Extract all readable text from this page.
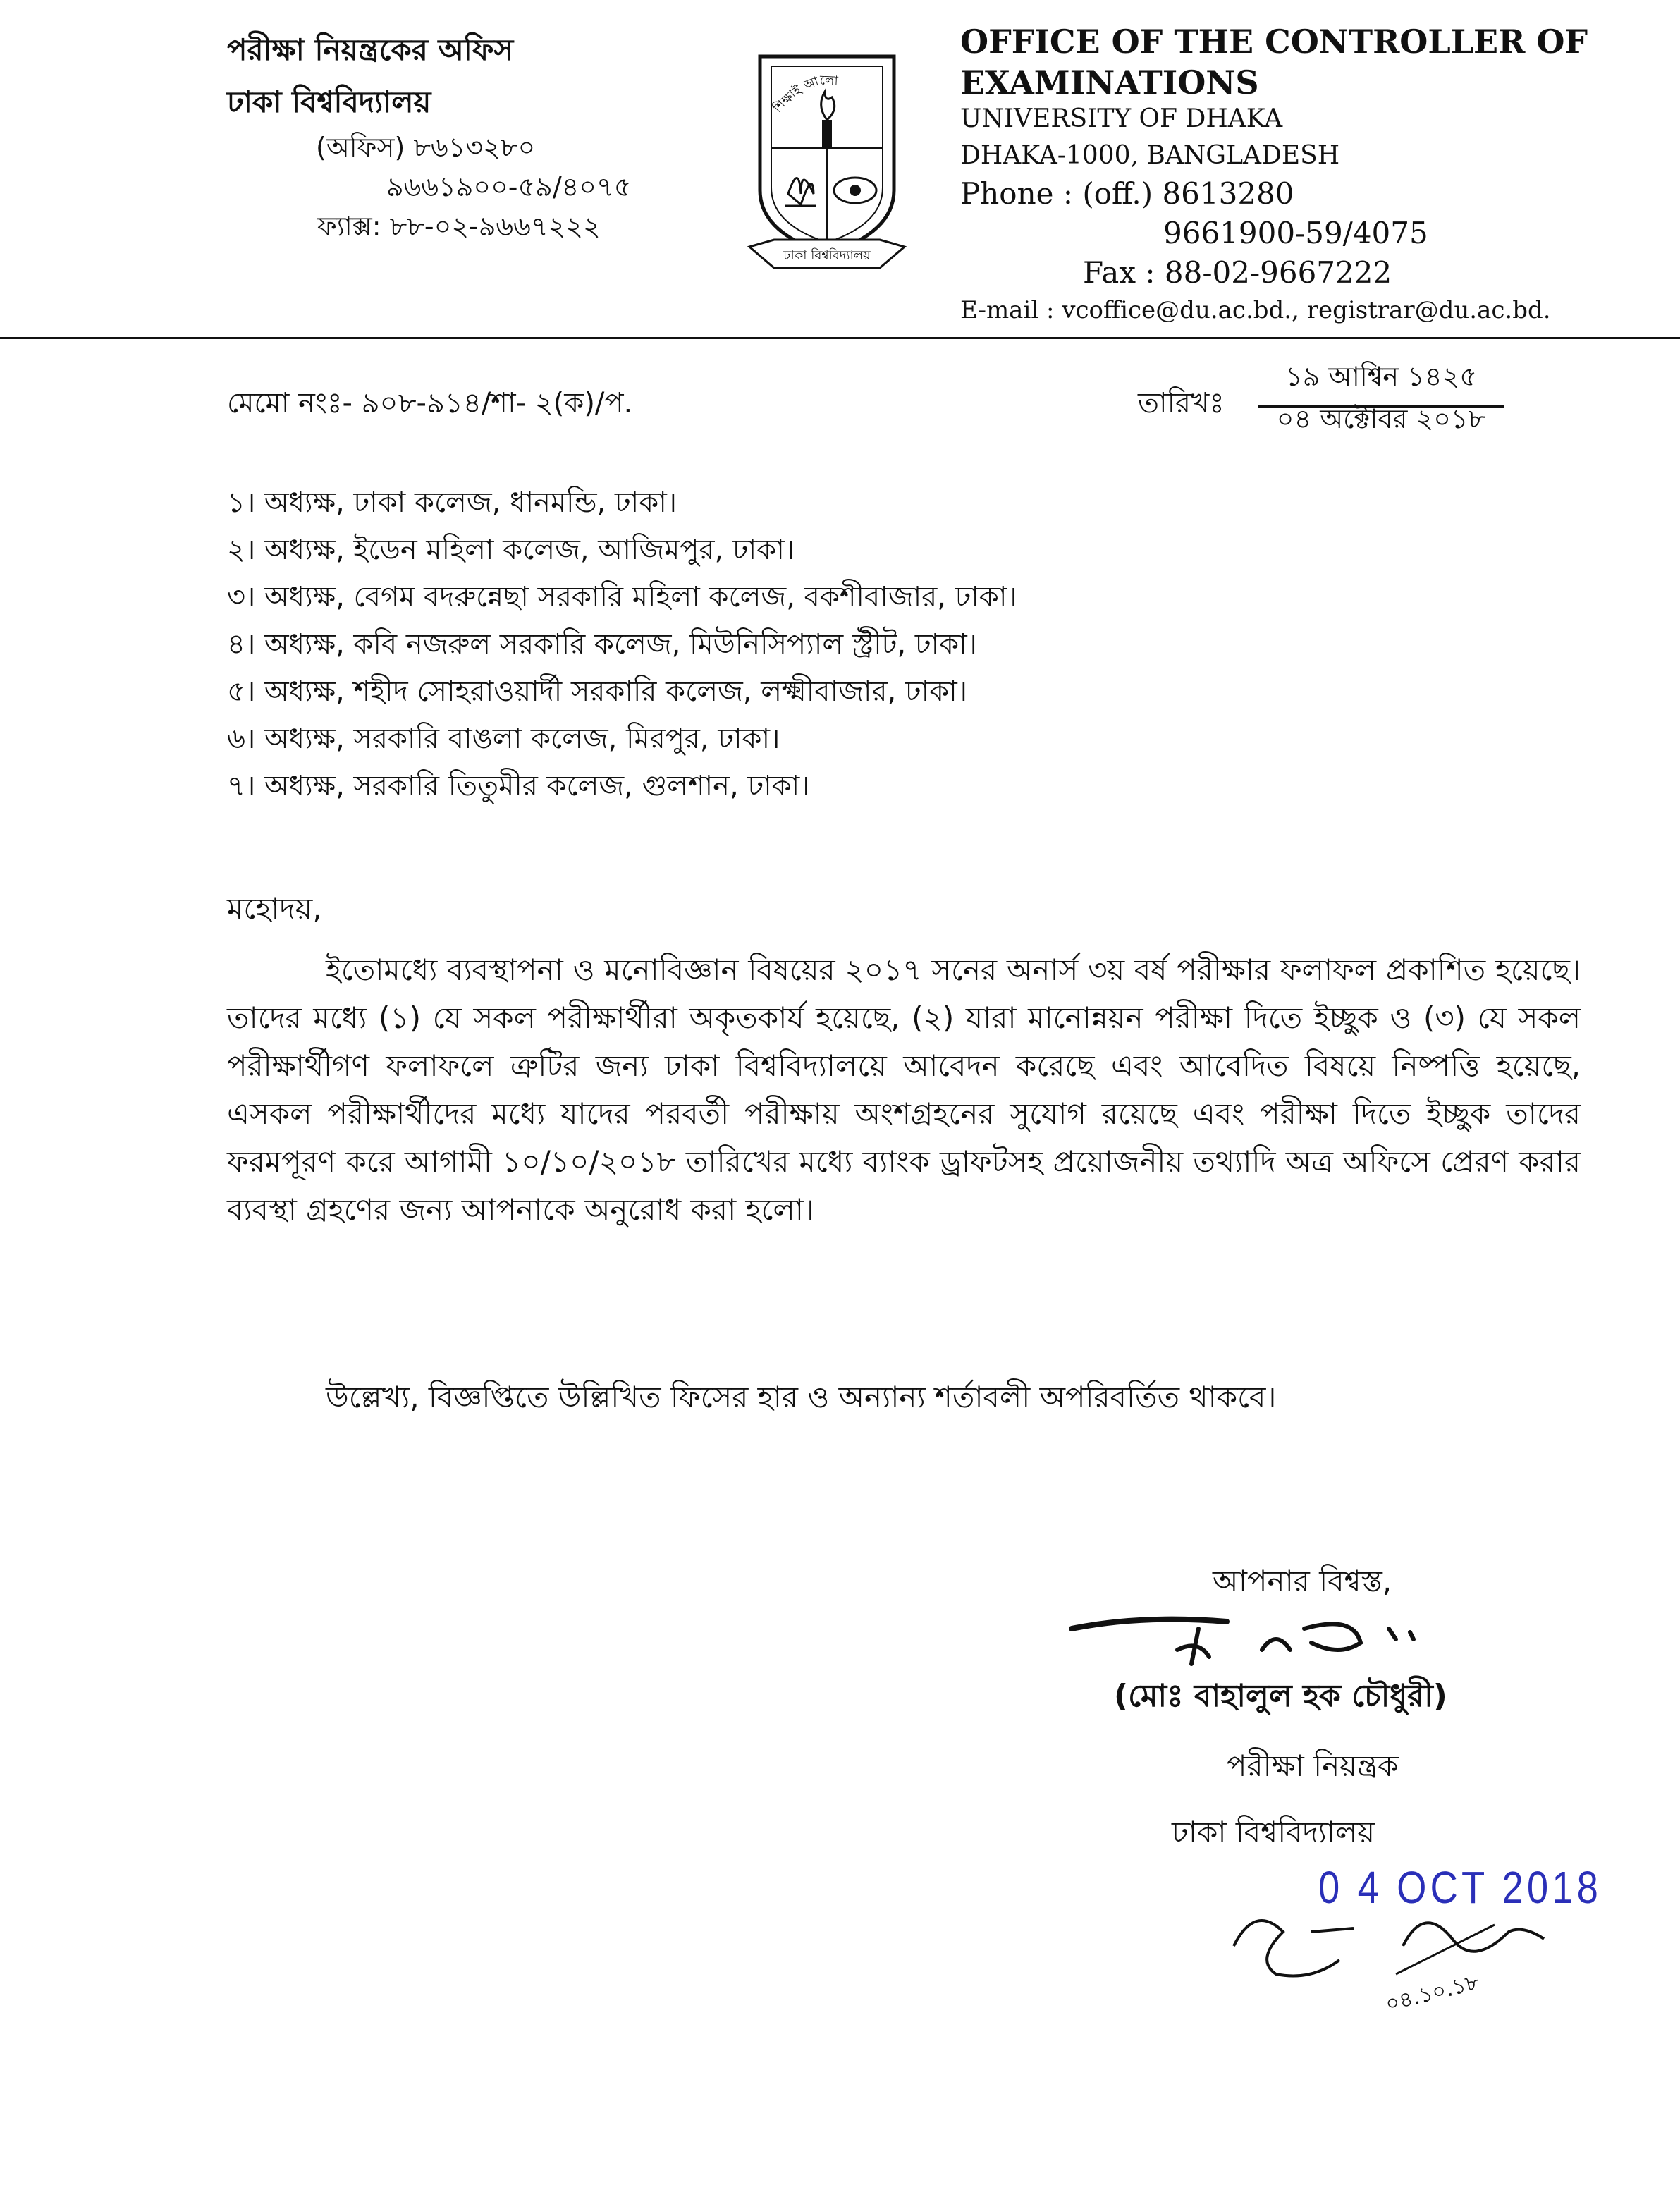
পরীক্ষা নিয়ন্ত্রকের অফিস
ঢাকা বিশ্ববিদ্যালয়
(অফিস) ৮৬১৩২৮০
৯৬৬১৯০০-৫৯/৪০৭৫
ফ্যাক্স: ৮৮-০২-৯৬৬৭২২২
শিক্ষাই আলো
ঢাকা বিশ্ববিদ্যালয়
OFFICE OF THE CONTROLLER OF EXAMINATIONS
UNIVERSITY OF DHAKA
DHAKA-1000, BANGLADESH
Phone : (off.) 8613280
9661900-59/4075
Fax : 88-02-9667222
E-mail : vcoffice@du.ac.bd., registrar@du.ac.bd.
মেমো নংঃ- ৯০৮-৯১৪/শা- ২(ক)/প.	তারিখঃ
১৯ আশ্বিন ১৪২৫
০৪ অক্টোবর ২০১৮
১। অধ্যক্ষ, ঢাকা কলেজ, ধানমন্ডি, ঢাকা।
২। অধ্যক্ষ, ইডেন মহিলা কলেজ, আজিমপুর, ঢাকা।
৩। অধ্যক্ষ, বেগম বদরুন্নেছা সরকারি মহিলা কলেজ, বকশীবাজার, ঢাকা।
৪। অধ্যক্ষ, কবি নজরুল সরকারি কলেজ, মিউনিসিপ্যাল স্ট্রীট, ঢাকা।
৫। অধ্যক্ষ, শহীদ সোহরাওয়ার্দী সরকারি কলেজ, লক্ষ্মীবাজার, ঢাকা।
৬। অধ্যক্ষ, সরকারি বাঙলা কলেজ, মিরপুর, ঢাকা।
৭। অধ্যক্ষ, সরকারি তিতুমীর কলেজ, গুলশান, ঢাকা।
মহোদয়,

ইতোমধ্যে ব্যবস্থাপনা ও মনোবিজ্ঞান বিষয়ের ২০১৭ সনের অনার্স ৩য় বর্ষ পরীক্ষার ফলাফল প্রকাশিত হয়েছে। তাদের মধ্যে (১) যে সকল পরীক্ষার্থীরা অকৃতকার্য হয়েছে, (২) যারা মানোন্নয়ন পরীক্ষা দিতে ইচ্ছুক ও (৩) যে সকল পরীক্ষার্থীগণ ফলাফলে ত্রুটির জন্য ঢাকা বিশ্ববিদ্যালয়ে আবেদন করেছে এবং আবেদিত বিষয়ে নিষ্পত্তি হয়েছে, এসকল পরীক্ষার্থীদের মধ্যে যাদের পরবর্তী পরীক্ষায় অংশগ্রহনের সুযোগ রয়েছে এবং পরীক্ষা দিতে ইচ্ছুক তাদের ফরমপূরণ করে আগামী ১০/১০/২০১৮ তারিখের মধ্যে ব্যাংক ড্রাফটসহ প্রয়োজনীয় তথ্যাদি অত্র অফিসে প্রেরণ করার ব্যবস্থা গ্রহণের জন্য আপনাকে অনুরোধ করা হলো।

উল্লেখ্য, বিজ্ঞপ্তিতে উল্লিখিত ফিসের হার ও অন্যান্য শর্তাবলী অপরিবর্তিত থাকবে।

আপনার বিশ্বস্ত,
(মোঃ বাহালুল হক চৌধুরী)
পরীক্ষা নিয়ন্ত্রক
ঢাকা বিশ্ববিদ্যালয়
0 4 OCT 2018
০৪.১০.১৮
